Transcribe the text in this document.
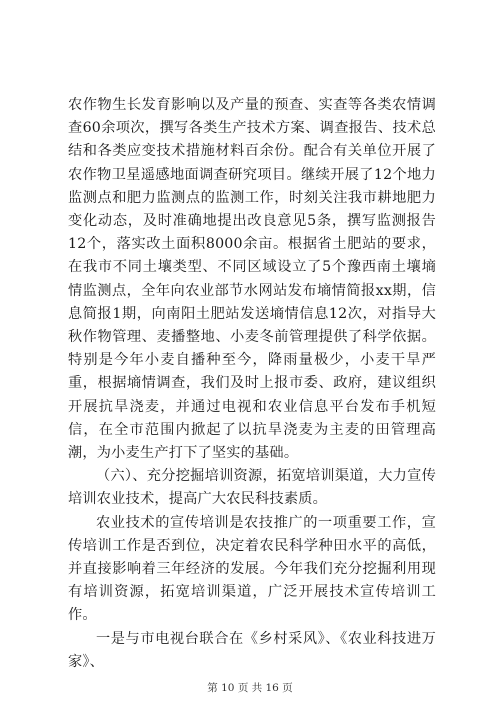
农作物生长发育影响以及产量的预查、实查等各类农情调查60余项次，撰写各类生产技术方案、调查报告、技术总结和各类应变技术措施材料百余份。配合有关单位开展了农作物卫星遥感地面调查研究项目。继续开展了12个地力监测点和肥力监测点的监测工作，时刻关注我市耕地肥力变化动态，及时准确地提出改良意见5条，撰写监测报告12个，落实改土面积8000余亩。根据省土肥站的要求，在我市不同土壤类型、不同区域设立了5个豫西南土壤墒情监测点，全年向农业部节水网站发布墒情简报xx期，信息简报1期，向南阳土肥站发送墒情信息12次，对指导大秋作物管理、麦播整地、小麦冬前管理提供了科学依据。特别是今年小麦自播种至今，降雨量极少，小麦干旱严重，根据墒情调查，我们及时上报市委、政府，建议组织开展抗旱浇麦，并通过电视和农业信息平台发布手机短信，在全市范围内掀起了以抗旱浇麦为主麦的田管理高潮，为小麦生产打下了坚实的基础。

（六）、充分挖掘培训资源，拓宽培训渠道，大力宣传培训农业技术，提高广大农民科技素质。

农业技术的宣传培训是农技推广的一项重要工作，宣传培训工作是否到位，决定着农民科学种田水平的高低，并直接影响着三年经济的发展。今年我们充分挖掘利用现有培训资源，拓宽培训渠道，广泛开展技术宣传培训工作。

一是与市电视台联合在《乡村采风》、《农业科技进万家》、

第 10 页 共 16 页
